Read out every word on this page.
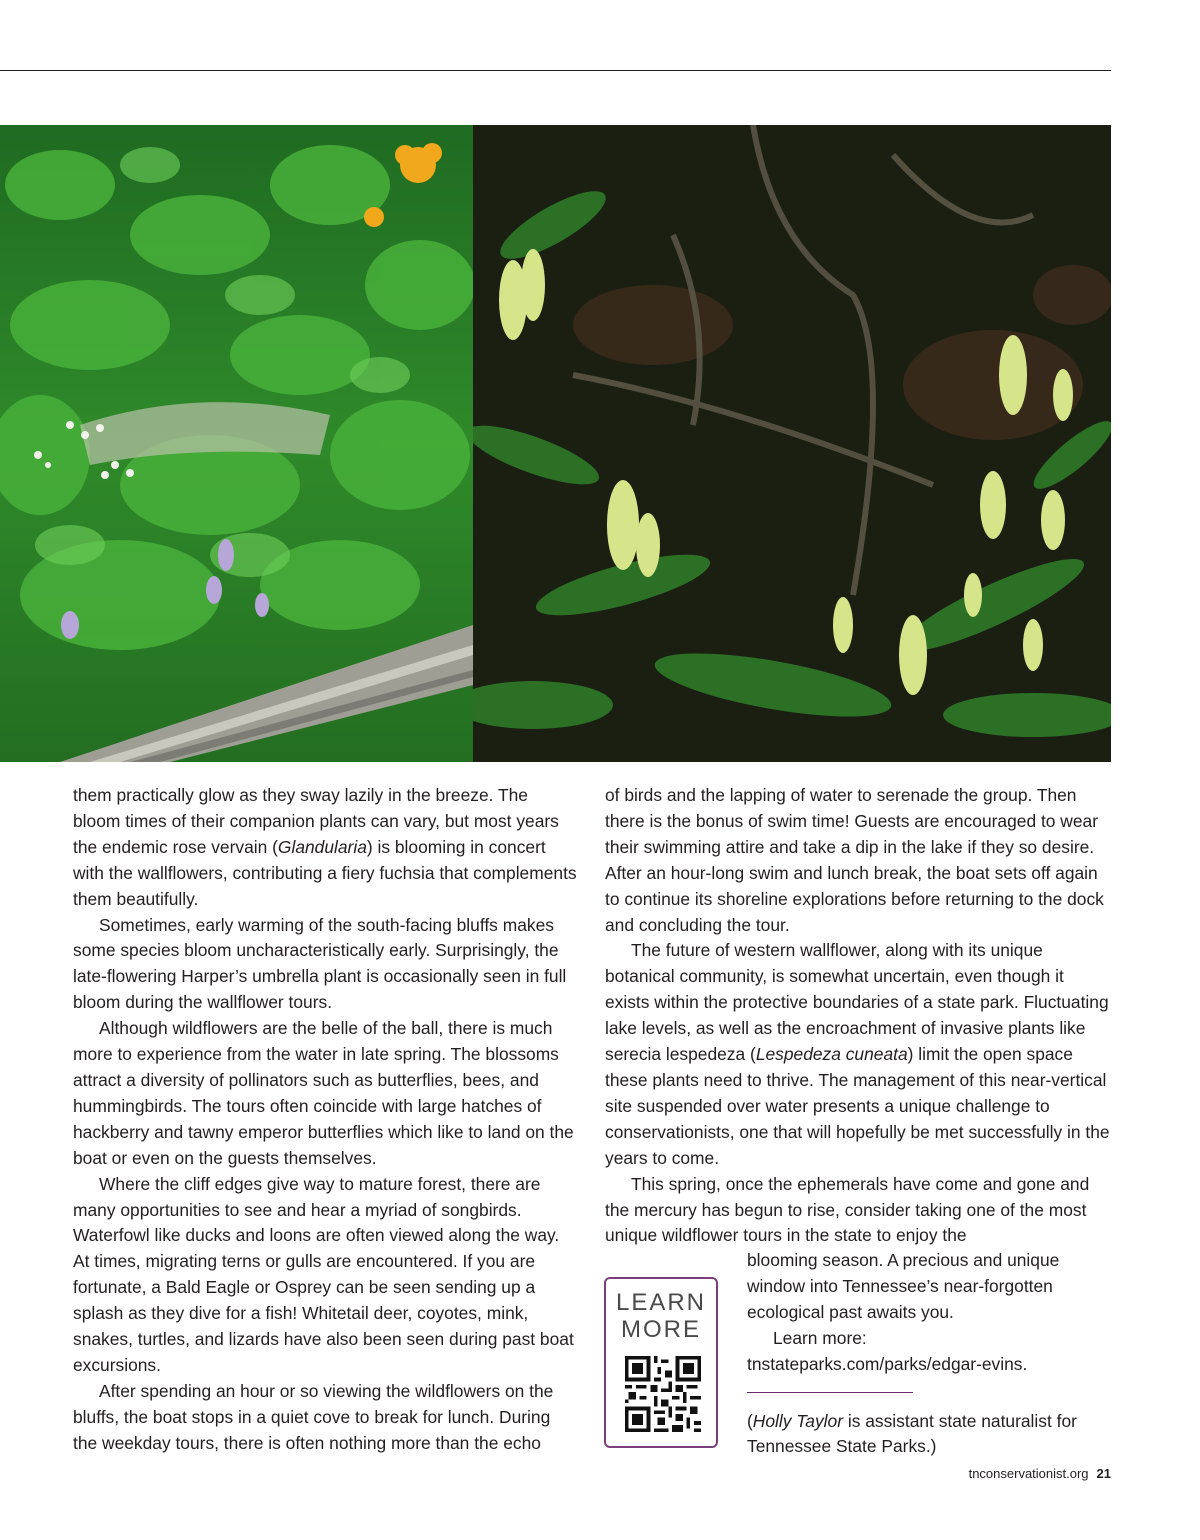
them practically glow as they sway lazily in the breeze. The bloom times of their companion plants can vary, but most years the endemic rose vervain (Glandularia) is blooming in concert with the wallflowers, contributing a fiery fuchsia that complements them beautifully.

Sometimes, early warming of the south-facing bluffs makes some species bloom uncharacteristically early. Surprisingly, the late-flowering Harper’s umbrella plant is occasionally seen in full bloom during the wallflower tours.

Although wildflowers are the belle of the ball, there is much more to experience from the water in late spring. The blossoms attract a diversity of pollinators such as butterflies, bees, and hummingbirds. The tours often coincide with large hatches of hackberry and tawny emperor butterflies which like to land on the boat or even on the guests themselves.

Where the cliff edges give way to mature forest, there are many opportunities to see and hear a myriad of songbirds. Waterfowl like ducks and loons are often viewed along the way. At times, migrating terns or gulls are encountered. If you are fortunate, a Bald Eagle or Osprey can be seen sending up a splash as they dive for a fish! Whitetail deer, coyotes, mink, snakes, turtles, and lizards have also been seen during past boat excursions.

After spending an hour or so viewing the wildflowers on the bluffs, the boat stops in a quiet cove to break for lunch. During the weekday tours, there is often nothing more than the echo

of birds and the lapping of water to serenade the group. Then there is the bonus of swim time! Guests are encouraged to wear their swimming attire and take a dip in the lake if they so desire. After an hour-long swim and lunch break, the boat sets off again to continue its shoreline explorations before returning to the dock and concluding the tour.

The future of western wallflower, along with its unique botanical community, is somewhat uncertain, even though it exists within the protective boundaries of a state park. Fluctuating lake levels, as well as the encroachment of invasive plants like serecia lespedeza (Lespedeza cuneata) limit the open space these plants need to thrive. The management of this near-vertical site suspended over water presents a unique challenge to conservationists, one that will hopefully be met successfully in the years to come.

This spring, once the ephemerals have come and gone and the mercury has begun to rise, consider taking one of the most unique wildflower tours in the state to enjoy the

blooming season. A precious and unique window into Tennessee’s near-forgotten ecological past awaits you.

Learn more:

tnstateparks.com/parks/edgar-evins.

(Holly Taylor is assistant state naturalist for Tennessee State Parks.)

LEARN
MORE
tnconservationist.org 21
